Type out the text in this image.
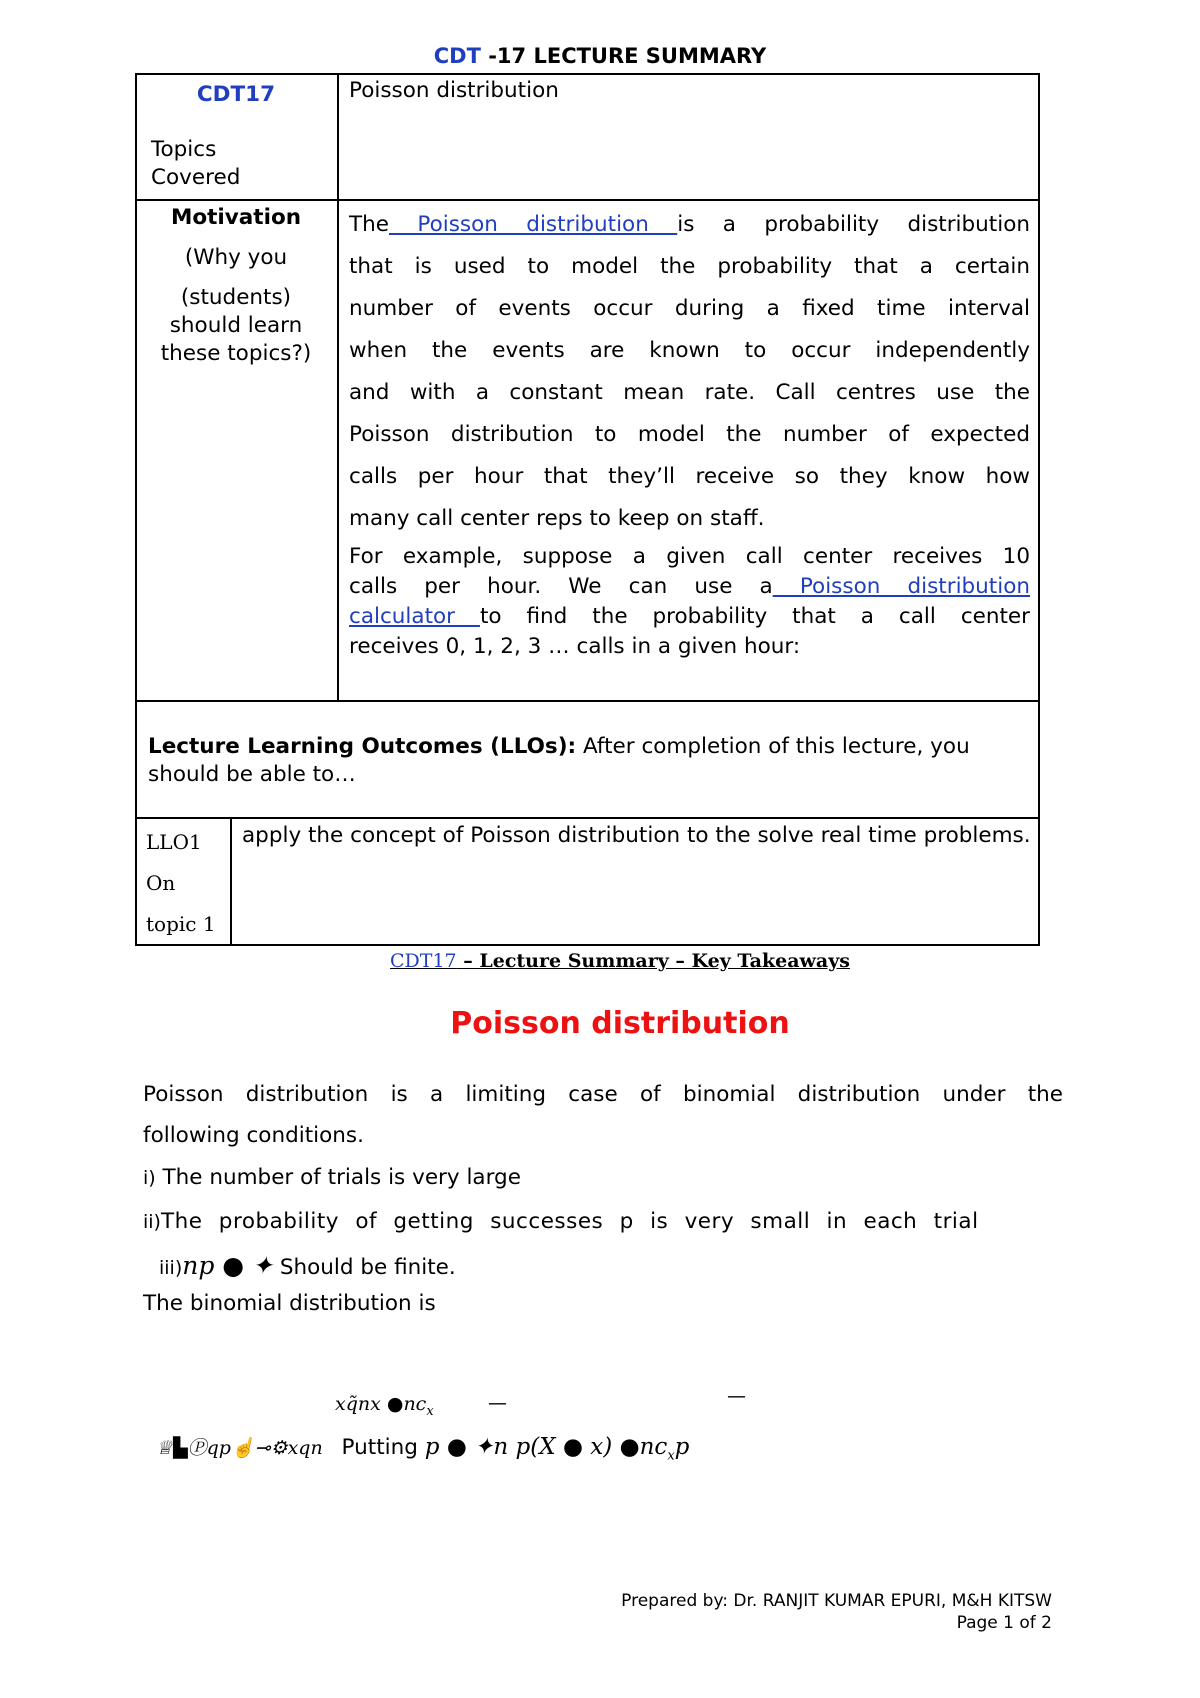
CDT -17 LECTURE SUMMARY
CDT17
Topics Covered
Poisson distribution
Motivation
(Why you
(students) should learn these topics?)
The Poisson distribution is a probability distribution
that is used to model the probability that a certain
number of events occur during a fixed time interval
when the events are known to occur independently
and with a constant mean rate. Call centres use the
Poisson distribution to model the number of expected
calls per hour that they’ll receive so they know how
many call center reps to keep on staff.
For example, suppose a given call center receives 10
calls per hour. We can use a Poisson distribution
calculator to find the probability that a call center
receives 0, 1, 2, 3 … calls in a given hour:
Lecture Learning Outcomes (LLOs): After completion of this lecture, you should be able to…
LLO1
On
topic 1
apply the concept of Poisson distribution to the solve real time problems.
CDT17 – Lecture Summary – Key Takeaways
Poisson distribution
Poisson distribution is a limiting case of binomial distribution under the
following conditions.
i) The number of trials is very large
ii)The probability of getting successes p is very small in each trial
iii)np ● ✦ Should be finite.
The binomial distribution is
xq̃nx $●nc_x$	—	—
♕▙Ⓟqp☝⊸⚙xqn Putting p ● ✦n p(X ● x) $●nc_xp$
Prepared by: Dr. RANJIT KUMAR EPURI, M&H KITSW
Page 1 of 2
